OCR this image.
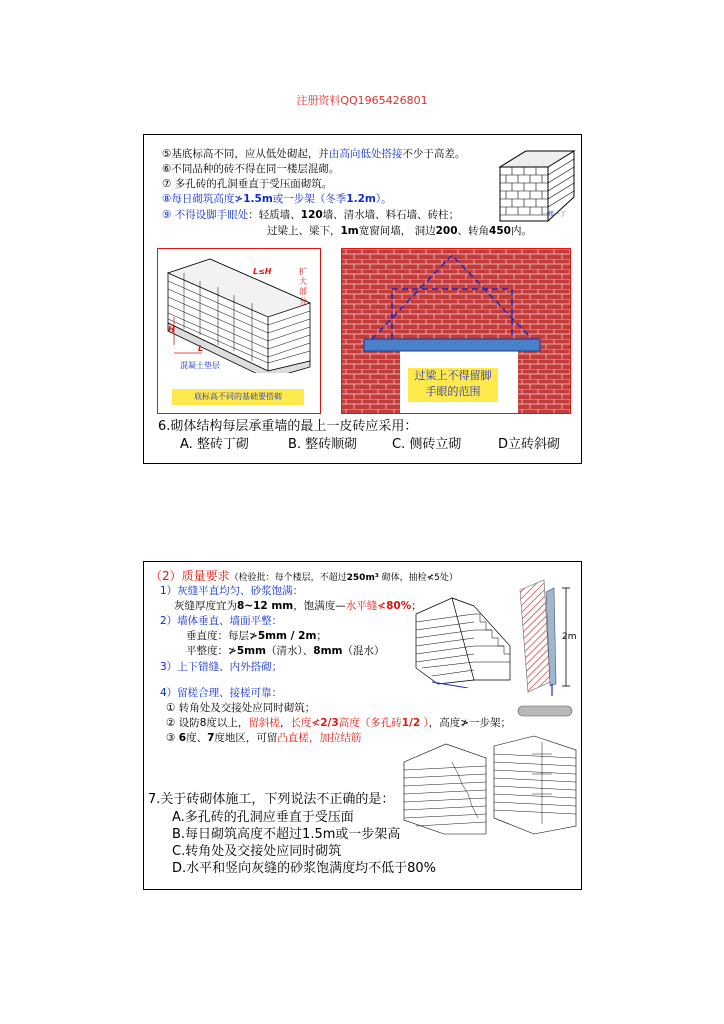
注册资料QQ1965426801
⑤基底标高不同，应从低处砌起，并由高向低处搭接不少于高差。
⑥不同品种的砖不得在同一楼层混砌。
⑦ 多孔砖的孔洞垂直于受压面砌筑。
⑧每日砌筑高度≯1.5m或一步架（冬季1.2m）。
⑨ 不得设脚手眼处：轻质墙、120墙、清水墙、料石墙、砖柱；
过梁上、梁下，1m宽窗间墙， 洞边200、转角450内。
一楼一丁
L≤H	扩
大
部
分
H
L
混凝土垫层
底标高不同的基础要搭砌
过梁上不得留脚
手眼的范围
6.砌体结构每层承重墙的最上一皮砖应采用：
A. 整砖丁砌	B. 整砖顺砌	C. 侧砖立砌	D立砖斜砌
（2）质量要求（检验批：每个楼层，不超过250m³ 砌体，抽检≮5处）
1）灰缝平直均匀、砂浆饱满：
灰缝厚度宜为8~12 mm，饱满度—水平缝≮80%；
2）墙体垂直、墙面平整：
垂直度：每层≯5mm / 2m；
平整度：≯5mm（清水）、8mm（混水）
3）上下错缝、内外搭砌；
4）留槎合理、接槎可靠：
① 转角处及交接处应同时砌筑；
② 设防8度以上，留斜槎，长度≮2/3高度（多孔砖1/2 ），高度≯一步架；
③ 6度、7度地区，可留凸直槎，加拉结筋
2m
7.关于砖砌体施工，下列说法不正确的是：
A.多孔砖的孔洞应垂直于受压面
B.每日砌筑高度不超过1.5m或一步架高
C.转角处及交接处应同时砌筑
D.水平和竖向灰缝的砂浆饱满度均不低于80%
